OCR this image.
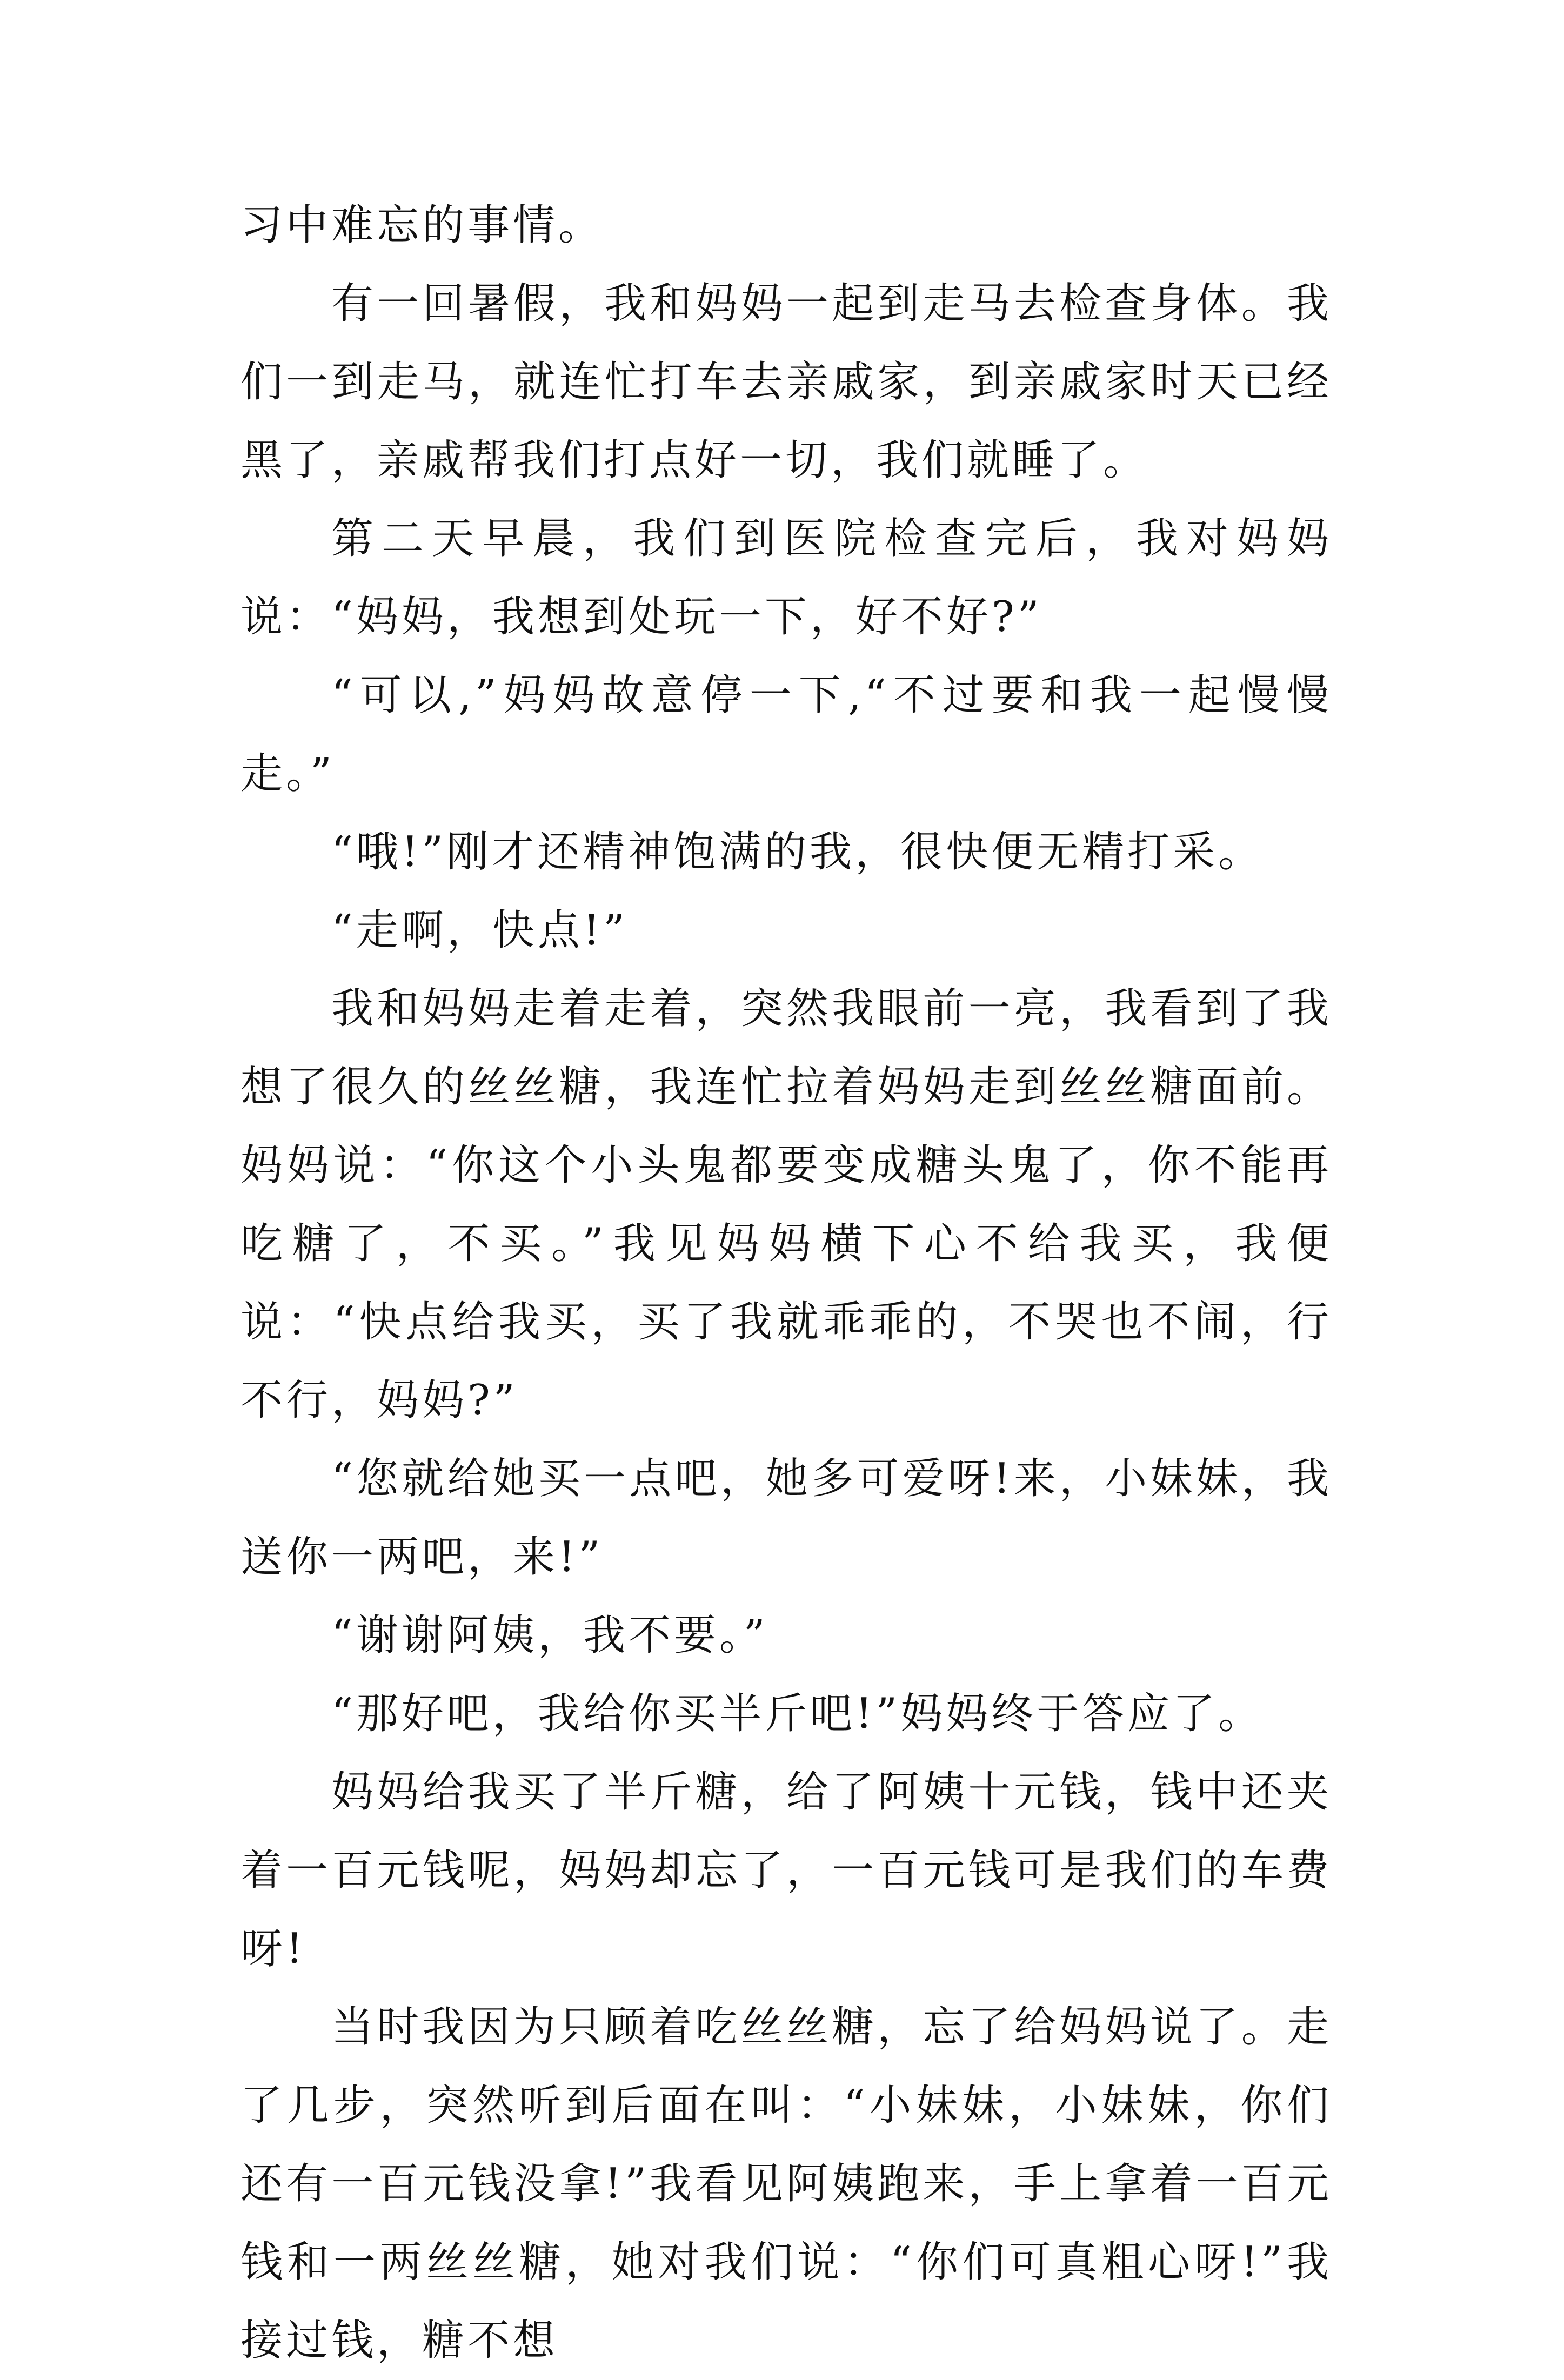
习中难忘的事情。

有一回暑假，我和妈妈一起到走马去检查身体。我们一到走马，就连忙打车去亲戚家，到亲戚家时天已经黑了，亲戚帮我们打点好一切，我们就睡了。

第二天早晨，我们到医院检查完后，我对妈妈说：“妈妈，我想到处玩一下，好不好?”

“可以,”妈妈故意停一下,“不过要和我一起慢慢走。”

“哦!”刚才还精神饱满的我，很快便无精打采。

“走啊，快点!”

我和妈妈走着走着，突然我眼前一亮，我看到了我想了很久的丝丝糖，我连忙拉着妈妈走到丝丝糖面前。妈妈说：“你这个小头鬼都要变成糖头鬼了，你不能再吃糖了，不买。”我见妈妈横下心不给我买，我便说：“快点给我买，买了我就乖乖的，不哭也不闹，行不行，妈妈?”

“您就给她买一点吧，她多可爱呀!来，小妹妹，我送你一两吧，来!”

“谢谢阿姨，我不要。”

“那好吧，我给你买半斤吧!”妈妈终于答应了。

妈妈给我买了半斤糖，给了阿姨十元钱，钱中还夹着一百元钱呢，妈妈却忘了，一百元钱可是我们的车费呀!

当时我因为只顾着吃丝丝糖，忘了给妈妈说了。走了几步，突然听到后面在叫：“小妹妹，小妹妹，你们还有一百元钱没拿!”我看见阿姨跑来，手上拿着一百元钱和一两丝丝糖，她对我们说：“你们可真粗心呀!”我接过钱，糖不想
